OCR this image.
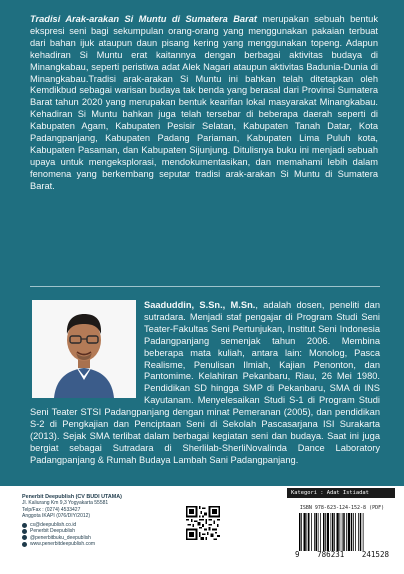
Tradisi Arak-arakan Si Muntu di Sumatera Barat merupakan sebuah bentuk ekspresi seni bagi sekumpulan orang-orang yang menggunakan pakaian terbuat dari bahan ijuk ataupun daun pisang kering yang menggunakan topeng. Adapun kehadiran Si Muntu erat kaitannya dengan berbagai aktivitas budaya di Minangkabau, seperti peristiwa adat Alek Nagari ataupun aktivitas Badunia-Dunia di Minangkabau.Tradisi arak-arakan Si Muntu ini bahkan telah ditetapkan oleh Kemdikbud sebagai warisan budaya tak benda yang berasal dari Provinsi Sumatera Barat tahun 2020 yang merupakan bentuk kearifan lokal masyarakat Minangkabau. Kehadiran Si Muntu bahkan juga telah tersebar di beberapa daerah seperti di Kabupaten Agam, Kabupaten Pesisir Selatan, Kabupaten Tanah Datar, Kota Padangpanjang, Kabupaten Padang Pariaman, Kabupaten Lima Puluh kota, Kabupaten Pasaman, dan Kabupaten Sijunjung. Ditulisnya buku ini menjadi sebuah upaya untuk mengeksplorasi, mendokumentasikan, dan memahami lebih dalam fenomena yang berkembang seputar tradisi arak-arakan Si Muntu di Sumatera Barat.
Saaduddin, S.Sn., M.Sn., adalah dosen, peneliti dan sutradara. Menjadi staf pengajar di Program Studi Seni Teater-Fakultas Seni Pertunjukan, Institut Seni Indonesia Padangpanjang semenjak tahun 2006. Membina beberapa mata kuliah, antara lain: Monolog, Pasca Realisme, Penulisan Ilmiah, Kajian Penonton, dan Pantomime. Kelahiran Pekanbaru, Riau, 26 Mei 1980. Pendidikan SD hingga SMP di Pekanbaru, SMA di INS Kayutanam. Menyelesaikan Studi S-1 di Program Studi Seni Teater STSI Padangpanjang dengan minat Pemeranan (2005), dan pendidikan S-2 di Pengkajian dan Penciptaan Seni di Sekolah Pascasarjana ISI Surakarta (2013). Sejak SMA terlibat dalam berbagai kegiatan seni dan budaya. Saat ini juga bergiat sebagai Sutradara di Sherlilab-SherliNovalinda Dance Laboratory Padangpanjang & Rumah Budaya Lambah Sani Padangpanjang.
Penerbit Deepublish (CV BUDI UTAMA)
Jl. Kaliurang Km 9,3 Yogyakarta 55581
Telp/Fax : (0274) 4533427
Anggota IKAPI (076/DIY/2012)
cs@deepublish.co.id
Penerbit Deepublish
@penerbitbuku_deepublish
www.penerbitdeepublish.com
Kategori : Adat Istiadat
ISBN 978-623-124-152-8 (PDF)
9 786231 241528
